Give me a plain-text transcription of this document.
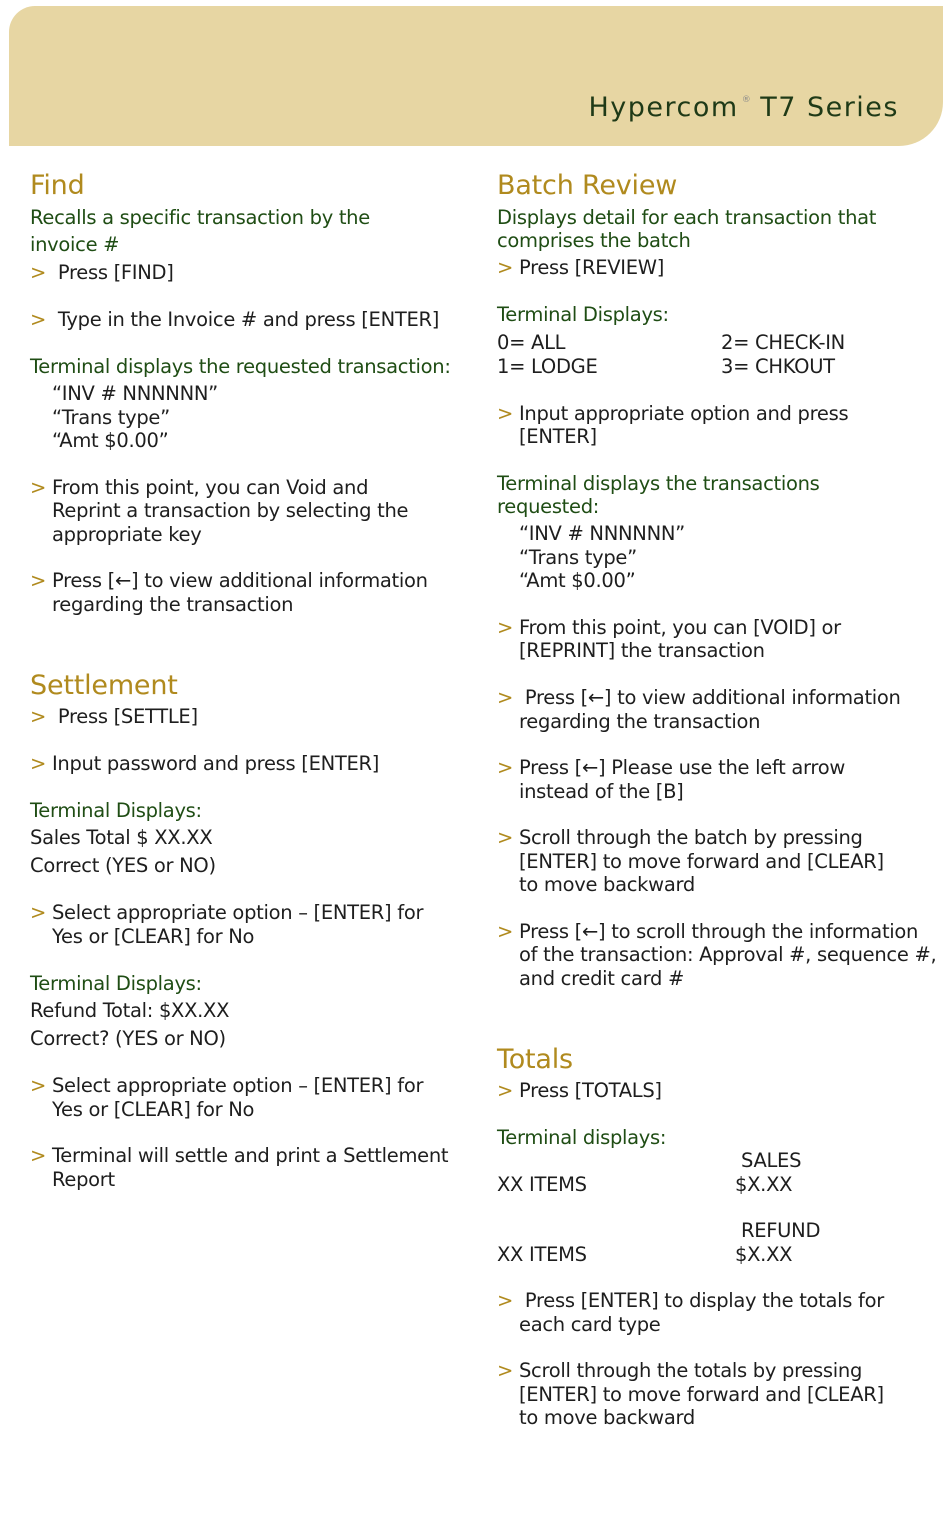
Hypercom ® T7 Series
Find
Recalls a specific transaction by the
invoice #
> Press [FIND]
> Type in the Invoice # and press [ENTER]
Terminal displays the requested transaction:
“INV # NNNNNN”
“Trans type”
“Amt $0.00”
> From this point, you can Void and
Reprint a transaction by selecting the
appropriate key
> Press [←] to view additional information
regarding the transaction
Settlement
> Press [SETTLE]
> Input password and press [ENTER]
Terminal Displays:
Sales Total $ XX.XX
Correct (YES or NO)
> Select appropriate option – [ENTER] for
Yes or [CLEAR] for No
Terminal Displays:
Refund Total: $XX.XX
Correct? (YES or NO)
> Select appropriate option – [ENTER] for
Yes or [CLEAR] for No
> Terminal will settle and print a Settlement
Report
Batch Review
Displays detail for each transaction that
comprises the batch
> Press [REVIEW]
Terminal Displays:
0= ALL	2= CHECK-IN
1= LODGE	3= CHKOUT
> Input appropriate option and press
[ENTER]
Terminal displays the transactions
requested:
“INV # NNNNNN”
“Trans type”
“Amt $0.00”
> From this point, you can [VOID] or
[REPRINT] the transaction
> Press [←] to view additional information
regarding the transaction
> Press [←] Please use the left arrow
instead of the [B]
> Scroll through the batch by pressing
[ENTER] to move forward and [CLEAR]
to move backward
> Press [←] to scroll through the information
of the transaction: Approval #, sequence #,
and credit card #
Totals
> Press [TOTALS]
Terminal displays:
SALES
XX ITEMS	$X.XX
REFUND
XX ITEMS	$X.XX
> Press [ENTER] to display the totals for
each card type
> Scroll through the totals by pressing
[ENTER] to move forward and [CLEAR]
to move backward
